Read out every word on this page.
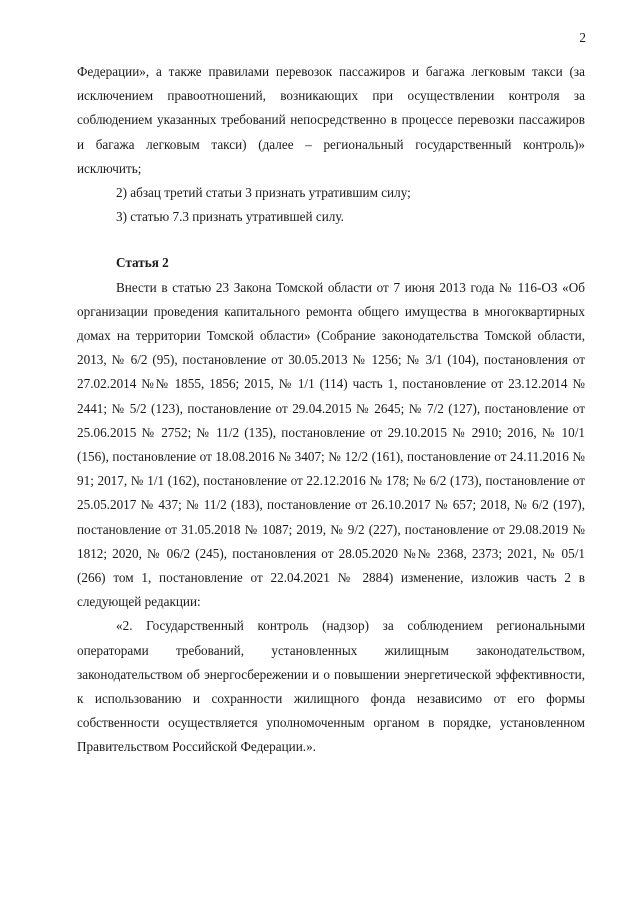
2

Федерации», а также правилами перевозок пассажиров и багажа легковым такси (за исключением правоотношений, возникающих при осуществлении контроля за соблюдением указанных требований непосредственно в процессе перевозки пассажиров и багажа легковым такси) (далее – региональный государственный контроль)» исключить;

2) абзац третий статьи 3 признать утратившим силу;

3) статью 7.3 признать утратившей силу.

Статья 2

Внести в статью 23 Закона Томской области от 7 июня 2013 года № 116-ОЗ «Об организации проведения капитального ремонта общего имущества в многоквартирных домах на территории Томской области» (Собрание законодательства Томской области, 2013, № 6/2 (95), постановление от 30.05.2013 № 1256; № 3/1 (104), постановления от 27.02.2014 №№ 1855, 1856; 2015, № 1/1 (114) часть 1, постановление от 23.12.2014 № 2441; № 5/2 (123), постановление от 29.04.2015 № 2645; № 7/2 (127), постановление от 25.06.2015 № 2752; № 11/2 (135), постановление от 29.10.2015 № 2910; 2016, № 10/1 (156), постановление от 18.08.2016 № 3407; № 12/2 (161), постановление от 24.11.2016 № 91; 2017, № 1/1 (162), постановление от 22.12.2016 № 178; № 6/2 (173), постановление от 25.05.2017 № 437; № 11/2 (183), постановление от 26.10.2017 № 657; 2018, № 6/2 (197), постановление от 31.05.2018 № 1087; 2019, № 9/2 (227), постановление от 29.08.2019 № 1812; 2020, № 06/2 (245), постановления от 28.05.2020 №№ 2368, 2373; 2021, № 05/1 (266) том 1, постановление от 22.04.2021 № 2884) изменение, изложив часть 2 в следующей редакции:

«2. Государственный контроль (надзор) за соблюдением региональными операторами требований, установленных жилищным законодательством, законодательством об энергосбережении и о повышении энергетической эффективности, к использованию и сохранности жилищного фонда независимо от его формы собственности осуществляется уполномоченным органом в порядке, установленном Правительством Российской Федерации.».
